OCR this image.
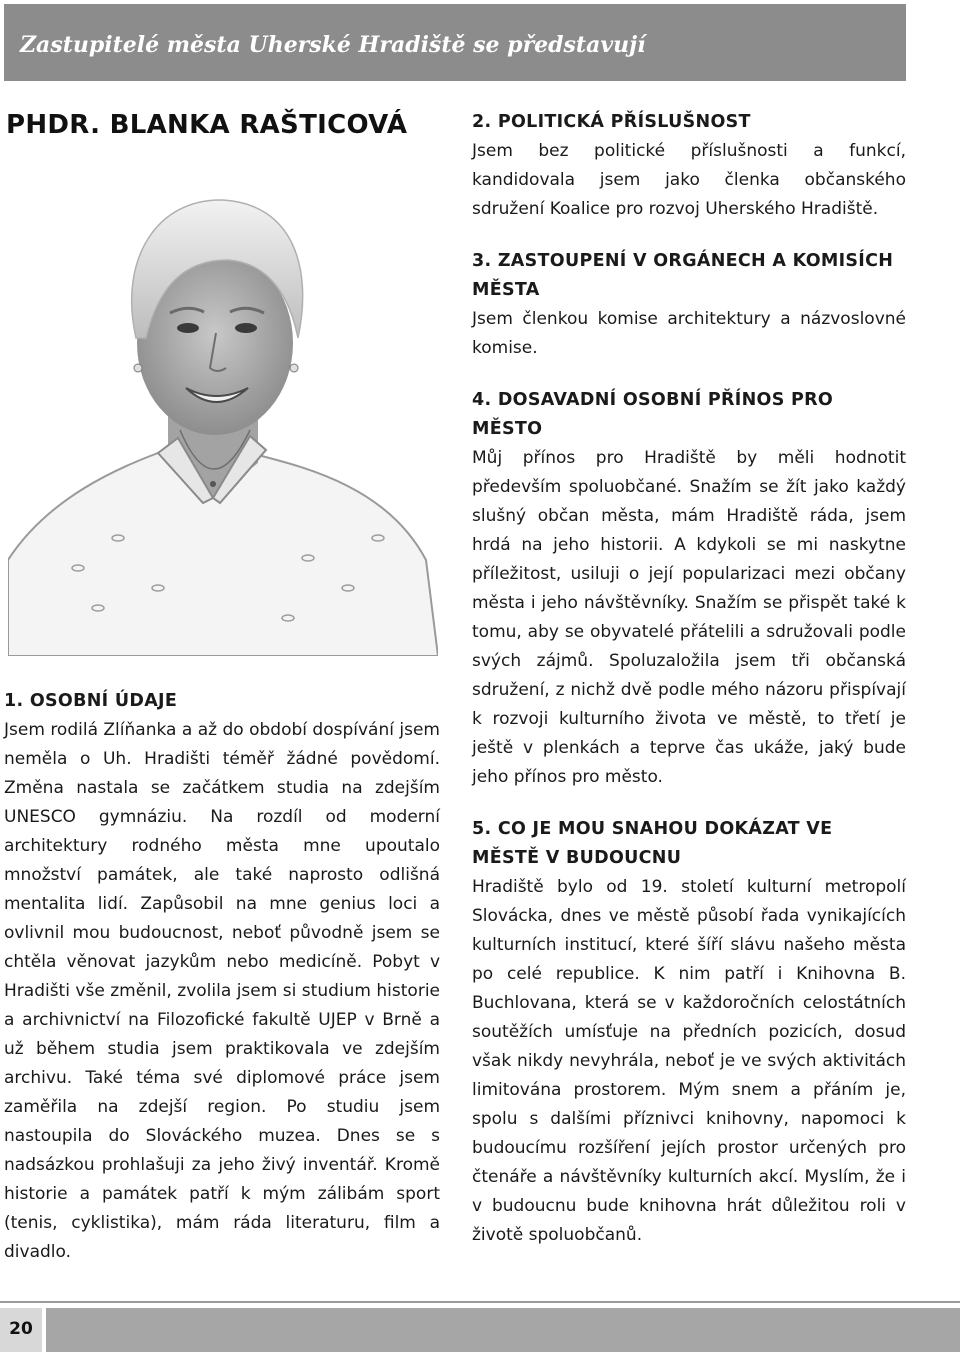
Zastupitelé města Uherské Hradiště se představují
PHDR. BLANKA RAŠTICOVÁ
1. OSOBNÍ ÚDAJE

Jsem rodilá Zlíňanka a až do období dospívání jsem neměla o Uh. Hradišti téměř žádné povědomí. Změna nastala se začátkem studia na zdejším UNESCO gymnáziu. Na rozdíl od moderní architektury rodného města mne upoutalo množství památek, ale také naprosto odlišná mentalita lidí. Zapůsobil na mne genius loci a ovlivnil mou budoucnost, neboť původně jsem se chtěla věnovat jazykům nebo medicíně. Pobyt v Hradišti vše změnil, zvolila jsem si studium historie a archivnictví na Filozofické fakultě UJEP v Brně a už během studia jsem praktikovala ve zdejším archivu. Také téma své diplomové práce jsem zaměřila na zdejší region. Po studiu jsem nastoupila do Slováckého muzea. Dnes se s nadsázkou prohlašuji za jeho živý inventář. Kromě historie a památek patří k mým zálibám sport (tenis, cyklistika), mám ráda literaturu, film a divadlo.

2. POLITICKÁ PŘÍSLUŠNOST

Jsem bez politické příslušnosti a funkcí, kandidovala jsem jako členka občanského sdružení Koalice pro rozvoj Uherského Hradiště.

3. ZASTOUPENÍ V ORGÁNECH A KOMISÍCH MĚSTA

Jsem členkou komise architektury a názvoslovné komise.

4. DOSAVADNÍ OSOBNÍ PŘÍNOS PRO MĚSTO

Můj přínos pro Hradiště by měli hodnotit především spoluobčané. Snažím se žít jako každý slušný občan města, mám Hradiště ráda, jsem hrdá na jeho historii. A kdykoli se mi naskytne příležitost, usiluji o její popularizaci mezi občany města i jeho návštěvníky. Snažím se přispět také k tomu, aby se obyvatelé přátelili a sdružovali podle svých zájmů. Spoluzaložila jsem tři občanská sdružení, z nichž dvě podle mého názoru přispívají k rozvoji kulturního života ve městě, to třetí je ještě v plenkách a teprve čas ukáže, jaký bude jeho přínos pro město.

5. CO JE MOU SNAHOU DOKÁZAT VE MĚSTĚ V BUDOUCNU

Hradiště bylo od 19. století kulturní metropolí Slovácka, dnes ve městě působí řada vynikajících kulturních institucí, které šíří slávu našeho města po celé republice. K nim patří i Knihovna B. Buchlovana, která se v každoročních celostátních soutěžích umísťuje na předních pozicích, dosud však nikdy nevyhrála, neboť je ve svých aktivitách limitována prostorem. Mým snem a přáním je, spolu s dalšími příznivci knihovny, napomoci k budoucímu rozšíření jejích prostor určených pro čtenáře a návštěvníky kulturních akcí. Myslím, že i v budoucnu bude knihovna hrát důležitou roli v životě spoluobčanů.

20
